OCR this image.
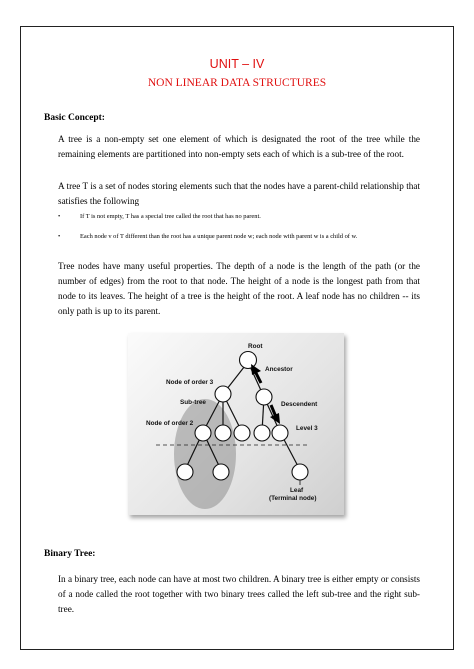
UNIT – IV
NON LINEAR DATA STRUCTURES
Basic Concept:
A tree is a non-empty set one element of which is designated the root of the tree while the remaining elements are partitioned into non-empty sets each of which is a sub-tree of the root.
A tree T is a set of nodes storing elements such that the nodes have a parent-child relationship that satisfies the following
•	If T is not empty, T has a special tree called the root that has no parent.
•	Each node v of T different than the root has a unique parent node w; each node with parent w is a child of w.
Tree nodes have many useful properties. The depth of a node is the length of the path (or the number of edges) from the root to that node. The height of a node is the longest path from that node to its leaves. The height of a tree is the height of the root. A leaf node has no children -- its only path is up to its parent.
Root
Ancestor
Node of order 3
Sub-tree	Descendent
Node of order 2
Level 3
Leaf
(Terminal node)
Binary Tree:
In a binary tree, each node can have at most two children. A binary tree is either empty or consists of a node called the root together with two binary trees called the left sub-tree and the right sub-tree.
